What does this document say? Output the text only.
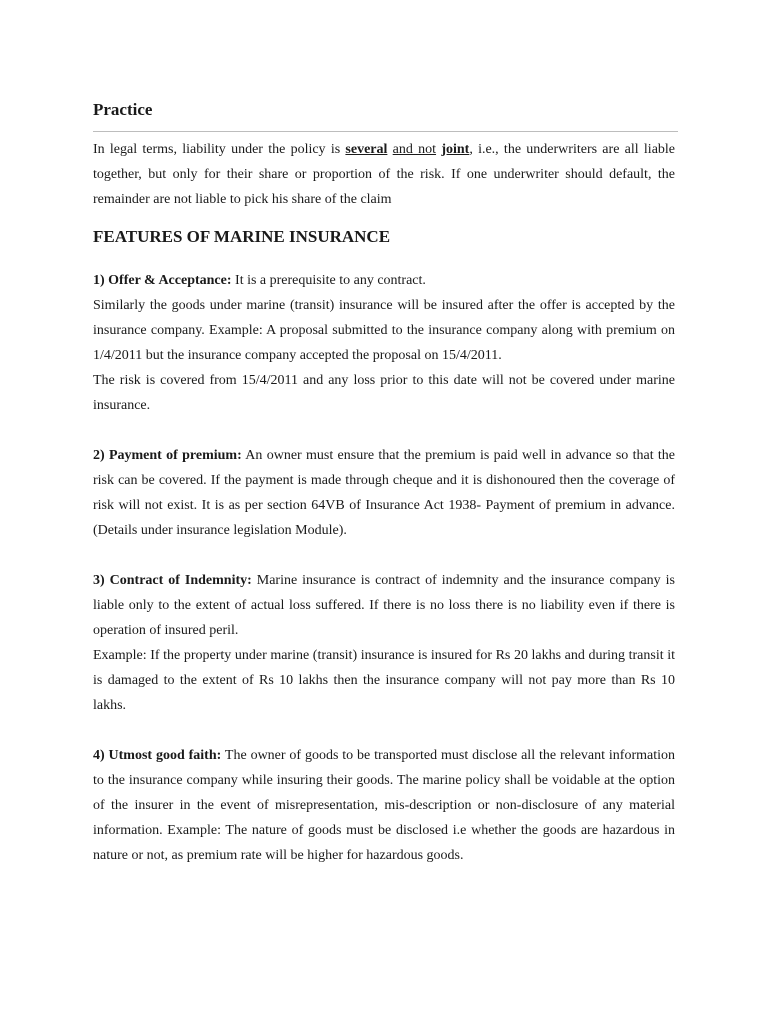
Practice

In legal terms, liability under the policy is several and not joint, i.e., the underwriters are all liable together, but only for their share or proportion of the risk. If one underwriter should default, the remainder are not liable to pick his share of the claim

FEATURES OF MARINE INSURANCE

1) Offer & Acceptance: It is a prerequisite to any contract.

Similarly the goods under marine (transit) insurance will be insured after the offer is accepted by the insurance company. Example: A proposal submitted to the insurance company along with premium on 1/4/2011 but the insurance company accepted the proposal on 15/4/2011.

The risk is covered from 15/4/2011 and any loss prior to this date will not be covered under marine insurance.

2) Payment of premium: An owner must ensure that the premium is paid well in advance so that the risk can be covered. If the payment is made through cheque and it is dishonoured then the coverage of risk will not exist. It is as per section 64VB of Insurance Act 1938- Payment of premium in advance.(Details under insurance legislation Module).

3) Contract of Indemnity: Marine insurance is contract of indemnity and the insurance company is liable only to the extent of actual loss suffered. If there is no loss there is no liability even if there is operation of insured peril.

Example: If the property under marine (transit) insurance is insured for Rs 20 lakhs and during transit it is damaged to the extent of Rs 10 lakhs then the insurance company will not pay more than Rs 10 lakhs.

4) Utmost good faith: The owner of goods to be transported must disclose all the relevant information to the insurance company while insuring their goods. The marine policy shall be voidable at the option of the insurer in the event of misrepresentation, mis-description or non-disclosure of any material information. Example: The nature of goods must be disclosed i.e whether the goods are hazardous in nature or not, as premium rate will be higher for hazardous goods.
